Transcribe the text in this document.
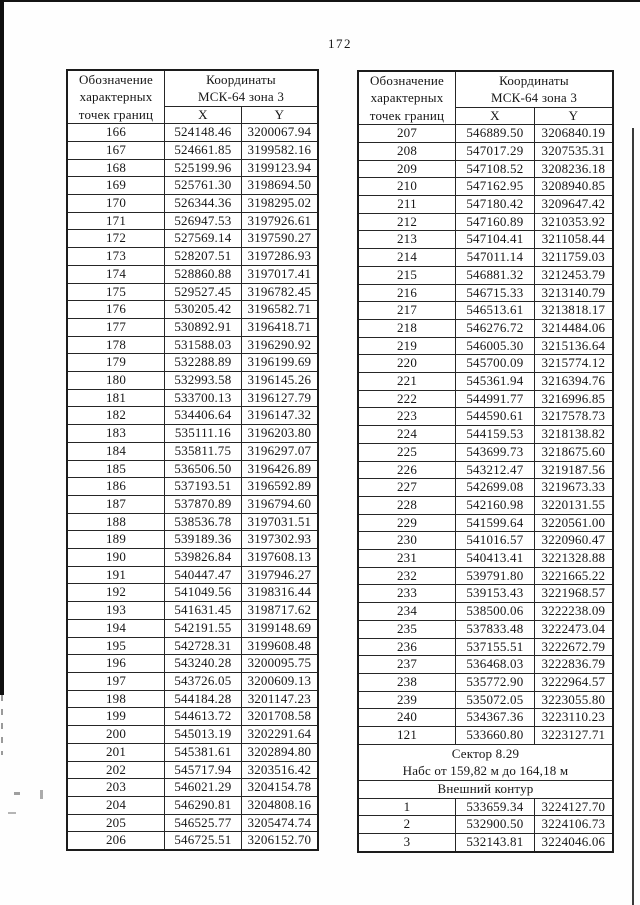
172
Обозначение
характерных
точек границ	Координаты
МСК-64 зона 3	
	X	Y
166	524148.46	3200067.94
167	524661.85	3199582.16
168	525199.96	3199123.94
169	525761.30	3198694.50
170	526344.36	3198295.02
171	526947.53	3197926.61
172	527569.14	3197590.27
173	528207.51	3197286.93
174	528860.88	3197017.41
175	529527.45	3196782.45
176	530205.42	3196582.71
177	530892.91	3196418.71
178	531588.03	3196290.92
179	532288.89	3196199.69
180	532993.58	3196145.26
181	533700.13	3196127.79
182	534406.64	3196147.32
183	535111.16	3196203.80
184	535811.75	3196297.07
185	536506.50	3196426.89
186	537193.51	3196592.89
187	537870.89	3196794.60
188	538536.78	3197031.51
189	539189.36	3197302.93
190	539826.84	3197608.13
191	540447.47	3197946.27
192	541049.56	3198316.44
193	541631.45	3198717.62
194	542191.55	3199148.69
195	542728.31	3199608.48
196	543240.28	3200095.75
197	543726.05	3200609.13
198	544184.28	3201147.23
199	544613.72	3201708.58
200	545013.19	3202291.64
201	545381.61	3202894.80
202	545717.94	3203516.42
203	546021.29	3204154.78
204	546290.81	3204808.16
205	546525.77	3205474.74
206	546725.51	3206152.70
Обозначение
характерных
точек границ	Координаты
МСК-64 зона 3	
	X	Y
207	546889.50	3206840.19
208	547017.29	3207535.31
209	547108.52	3208236.18
210	547162.95	3208940.85
211	547180.42	3209647.42
212	547160.89	3210353.92
213	547104.41	3211058.44
214	547011.14	3211759.03
215	546881.32	3212453.79
216	546715.33	3213140.79
217	546513.61	3213818.17
218	546276.72	3214484.06
219	546005.30	3215136.64
220	545700.09	3215774.12
221	545361.94	3216394.76
222	544991.77	3216996.85
223	544590.61	3217578.73
224	544159.53	3218138.82
225	543699.73	3218675.60
226	543212.47	3219187.56
227	542699.08	3219673.33
228	542160.98	3220131.55
229	541599.64	3220561.00
230	541016.57	3220960.47
231	540413.41	3221328.88
232	539791.80	3221665.22
233	539153.43	3221968.57
234	538500.06	3222238.09
235	537833.48	3222473.04
236	537155.51	3222672.79
237	536468.03	3222836.79
238	535772.90	3222964.57
239	535072.05	3223055.80
240	534367.36	3223110.23
121	533660.80	3223127.71
Сектор 8.29
Набс от 159,82 м до 164,18 м		
Внешний контур		
1	533659.34	3224127.70
2	532900.50	3224106.73
3	532143.81	3224046.06
